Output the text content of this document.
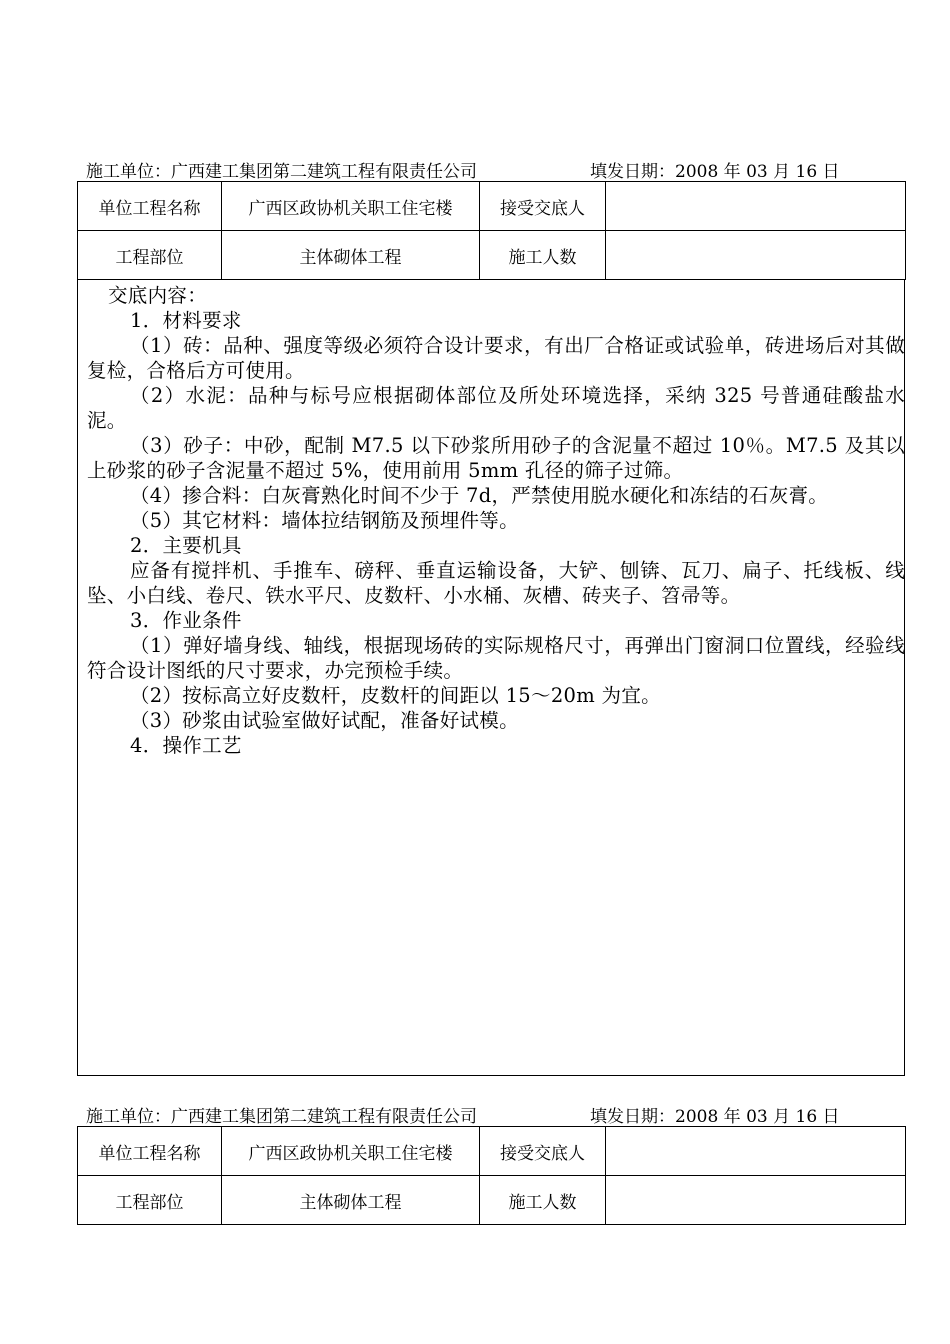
施工单位：广西建工集团第二建筑工程有限责任公司	填发日期：2008 年 03 月 16 日
单位工程名称	广西区政协机关职工住宅楼	接受交底人	
工程部位	主体砌体工程	施工人数	

交底内容：

1．材料要求

（1）砖：品种、强度等级必须符合设计要求，有出厂合格证或试验单，砖进场后对其做复检，合格后方可使用。

（2）水泥：品种与标号应根据砌体部位及所处环境选择，采纳 325 号普通硅酸盐水泥。

（3）砂子：中砂，配制 M7.5 以下砂浆所用砂子的含泥量不超过 10％。M7.5 及其以上砂浆的砂子含泥量不超过 5%，使用前用 5mm 孔径的筛子过筛。

（4）掺合料：白灰膏熟化时间不少于 7d，严禁使用脱水硬化和冻结的石灰膏。

（5）其它材料：墙体拉结钢筋及预埋件等。

2．主要机具

应备有搅拌机、手推车、磅秤、垂直运输设备，大铲、刨锛、瓦刀、扁子、托线板、线坠、小白线、卷尺、铁水平尺、皮数杆、小水桶、灰槽、砖夹子、笤帚等。

3．作业条件

（1）弹好墙身线、轴线，根据现场砖的实际规格尺寸，再弹出门窗洞口位置线，经验线符合设计图纸的尺寸要求，办完预检手续。

（2）按标高立好皮数杆，皮数杆的间距以 15～20m 为宜。

（3）砂浆由试验室做好试配，准备好试模。

4．操作工艺

施工单位：广西建工集团第二建筑工程有限责任公司	填发日期：2008 年 03 月 16 日
单位工程名称	广西区政协机关职工住宅楼	接受交底人	
工程部位	主体砌体工程	施工人数	
